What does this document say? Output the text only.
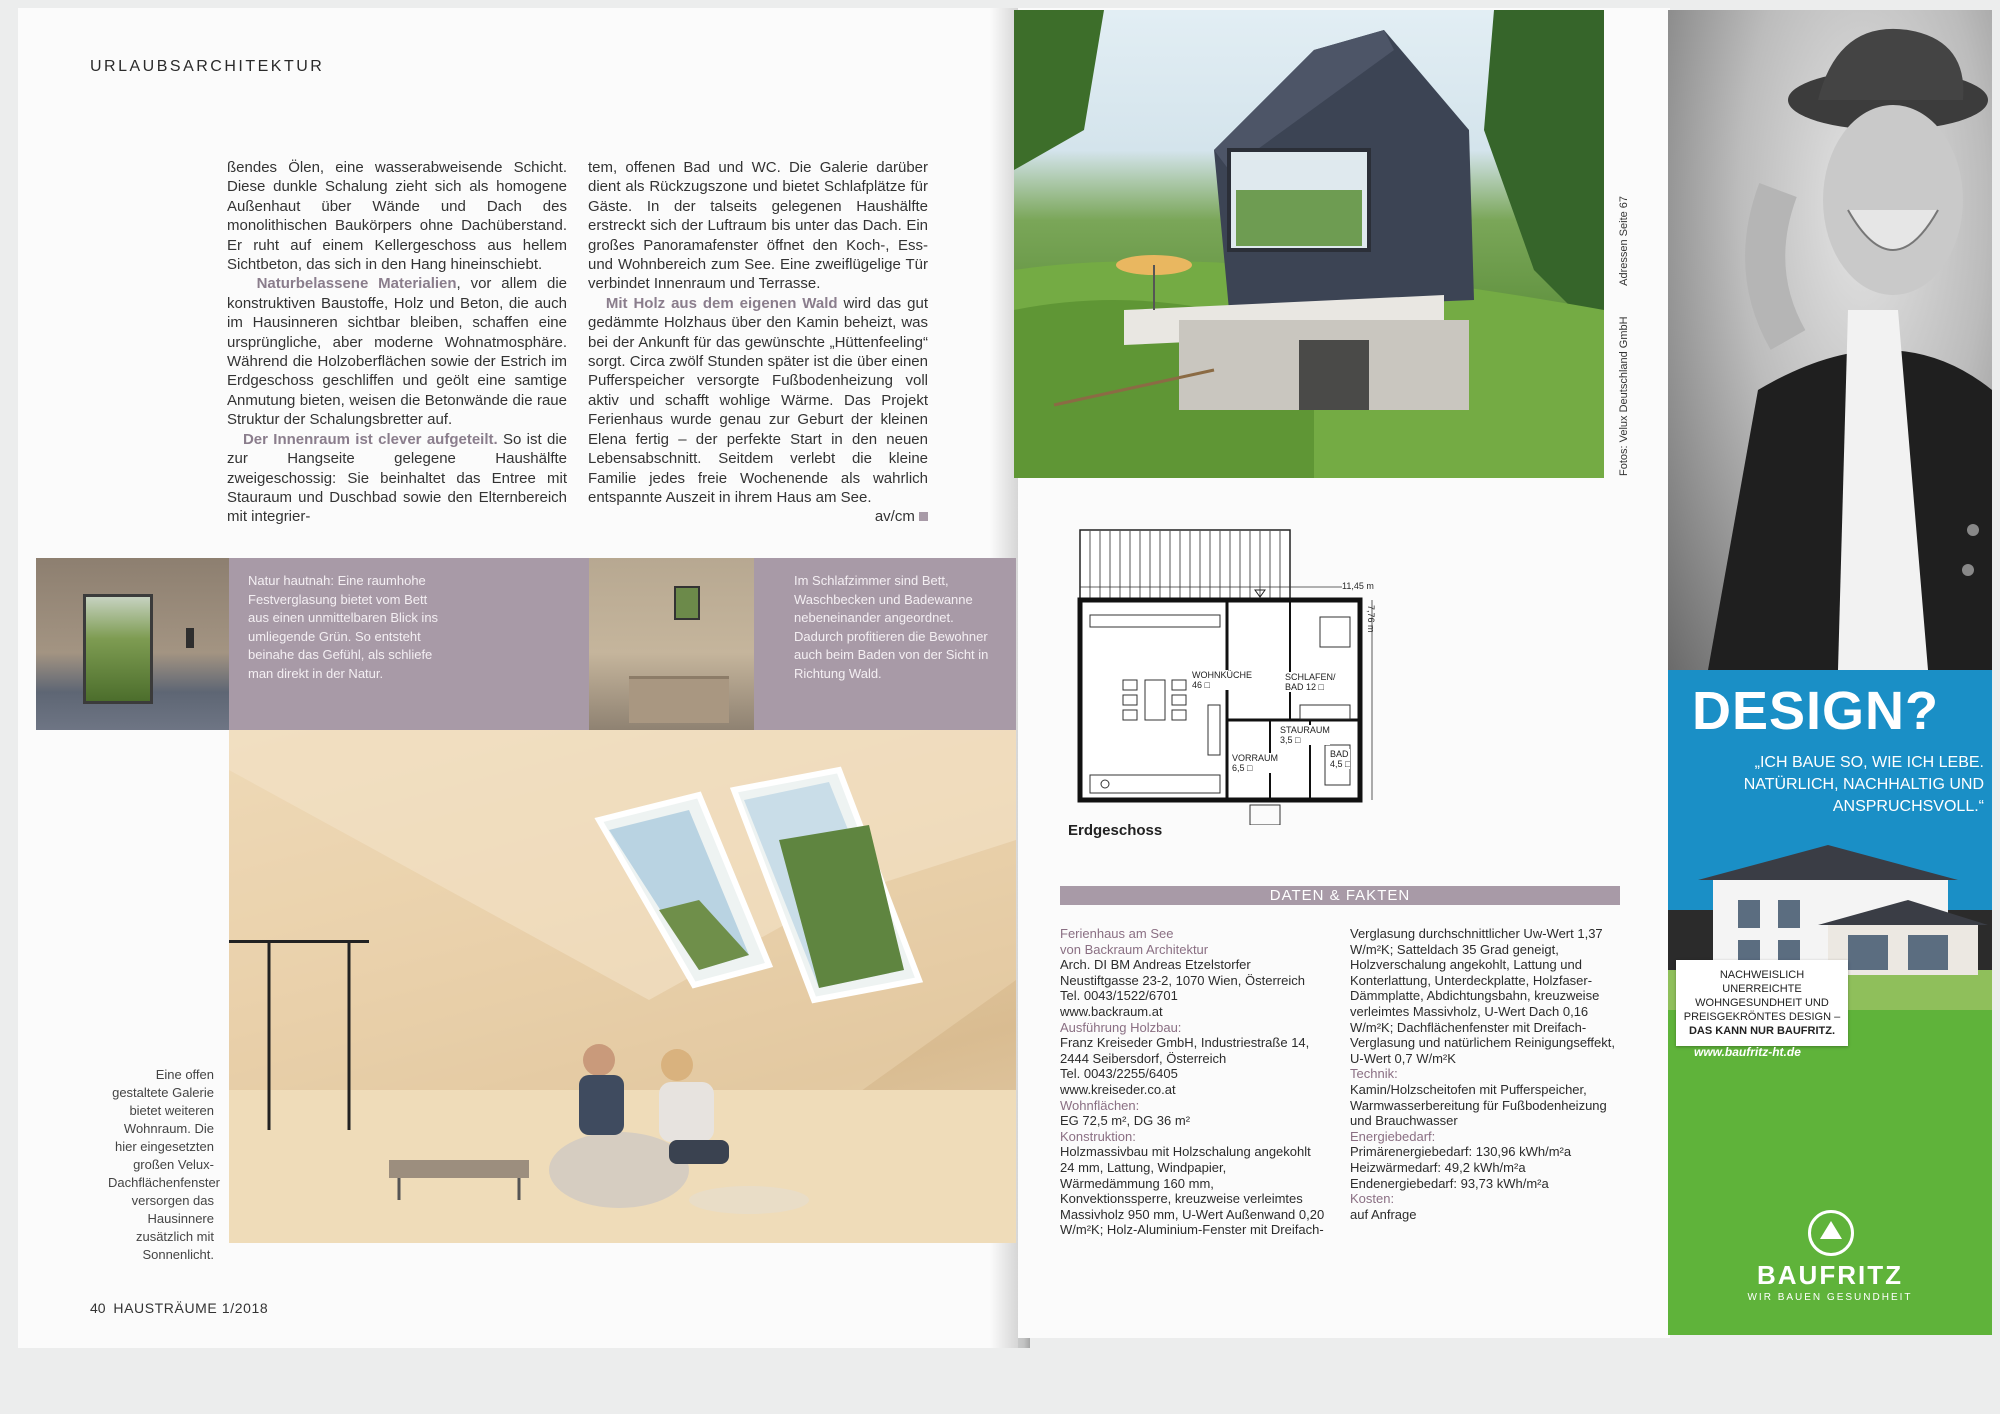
URLAUBSARCHITEKTUR

ßendes Ölen, eine wasserabweisende Schicht. Diese dunkle Schalung zieht sich als homogene Außenhaut über Wände und Dach des monolithischen Baukörpers ohne Dachüberstand. Er ruht auf einem Kellergeschoss aus hellem Sichtbeton, das sich in den Hang hineinschiebt.

Naturbelassene Materialien, vor allem die konstruktiven Baustoffe, Holz und Beton, die auch im Hausinneren sichtbar bleiben, schaffen eine ursprüngliche, aber moderne Wohnatmosphäre. Während die Holzoberflächen sowie der Estrich im Erdgeschoss geschliffen und geölt eine samtige Anmutung bieten, weisen die Betonwände die raue Struktur der Schalungsbretter auf.

Der Innenraum ist clever aufgeteilt. So ist die zur Hangseite gelegene Haushälfte zweigeschossig: Sie beinhaltet das Entree mit Stauraum und Duschbad sowie den Elternbereich mit integrier-

tem, offenen Bad und WC. Die Galerie darüber dient als Rückzugszone und bietet Schlafplätze für Gäste. In der talseits gelegenen Haushälfte erstreckt sich der Luftraum bis unter das Dach. Ein großes Panoramafenster öffnet den Koch-, Ess- und Wohnbereich zum See. Eine zweiflügelige Tür verbindet Innenraum und Terrasse.

Mit Holz aus dem eigenen Wald wird das gut gedämmte Holzhaus über den Kamin beheizt, was bei der Ankunft für das gewünschte „Hüttenfeeling“ sorgt. Circa zwölf Stunden später ist die über einen Pufferspeicher versorgte Fußbodenheizung voll aktiv und schafft wohlige Wärme. Das Projekt Ferienhaus wurde genau zur Geburt der kleinen Elena fertig – der perfekte Start in den neuen Lebensabschnitt. Seitdem verlebt die kleine Familie jedes freie Wochenende als wahrlich entspannte Auszeit in ihrem Haus am See.

av/cm

Natur hautnah: Eine raumhohe Festverglasung bietet vom Bett aus einen unmittelbaren Blick ins umliegende Grün. So entsteht beinahe das Gefühl, als schliefe man direkt in der Natur.
Im Schlafzimmer sind Bett, Waschbecken und Badewanne nebeneinander angeordnet. Dadurch profitieren die Bewohner auch beim Baden von der Sicht in Richtung Wald.
Eine offen gestaltete Galerie bietet weiteren Wohnraum. Die hier eingesetzten großen Velux-Dachflächenfenster versorgen das Hausinnere zusätzlich mit Sonnenlicht.
40 HAUSTRÄUME 1/2018
Fotos: Velux Deutschland GmbH          Adressen Seite 67
11,45 m
7,76 m
WOHNKÜCHE
46 □
SCHLAFEN/
BAD 12 □
STAURAUM
3,5 □
VORRAUM
6,5 □
BAD
4,5 □
Erdgeschoss
DATEN & FAKTEN

Ferienhaus am See

von Backraum Architektur

Arch. DI BM Andreas Etzelstorfer
Neustiftgasse 23-2, 1070 Wien, Österreich
Tel. 0043/1522/6701
www.backraum.at

Ausführung Holzbau:

Franz Kreiseder GmbH, Industriestraße 14, 2444 Seibersdorf, Österreich
Tel. 0043/2255/6405
www.kreiseder.co.at

Wohnflächen:

EG 72,5 m², DG 36 m²

Konstruktion:

Holzmassivbau mit Holzschalung angekohlt 24 mm, Lattung, Windpapier, Wärmedämmung 160 mm, Konvektionssperre, kreuzweise verleimtes Massivholz 950 mm, U-Wert Außenwand 0,20 W/m²K; Holz-Aluminium-Fenster mit Dreifach-

Verglasung durchschnittlicher Uw-Wert 1,37 W/m²K; Satteldach 35 Grad geneigt, Holzverschalung angekohlt, Lattung und Konterlattung, Unterdeckplatte, Holzfaser-Dämmplatte, Abdichtungsbahn, kreuzweise verleimtes Massivholz, U-Wert Dach 0,16 W/m²K; Dachflächenfenster mit Dreifach-Verglasung und natürlichem Reinigungseffekt, U-Wert 0,7 W/m²K

Technik:

Kamin/Holzscheitofen mit Pufferspeicher, Warmwasserbereitung für Fußbodenheizung und Brauchwasser

Energiebedarf:

Primärenergiebedarf: 130,96 kWh/m²a
Heizwärmedarf: 49,2 kWh/m²a
Endenergiebedarf: 93,73 kWh/m²a

Kosten:

auf Anfrage

DESIGN?
„ICH BAUE SO, WIE ICH LEBE. NATÜRLICH, NACHHALTIG UND ANSPRUCHSVOLL.“
NACHWEISLICH UNERREICHTE WOHNGESUNDHEIT UND PREISGEKRÖNTES DESIGN – DAS KANN NUR BAUFRITZ.
www.baufritz-ht.de
BAUFRITZ
WIR BAUEN GESUNDHEIT
